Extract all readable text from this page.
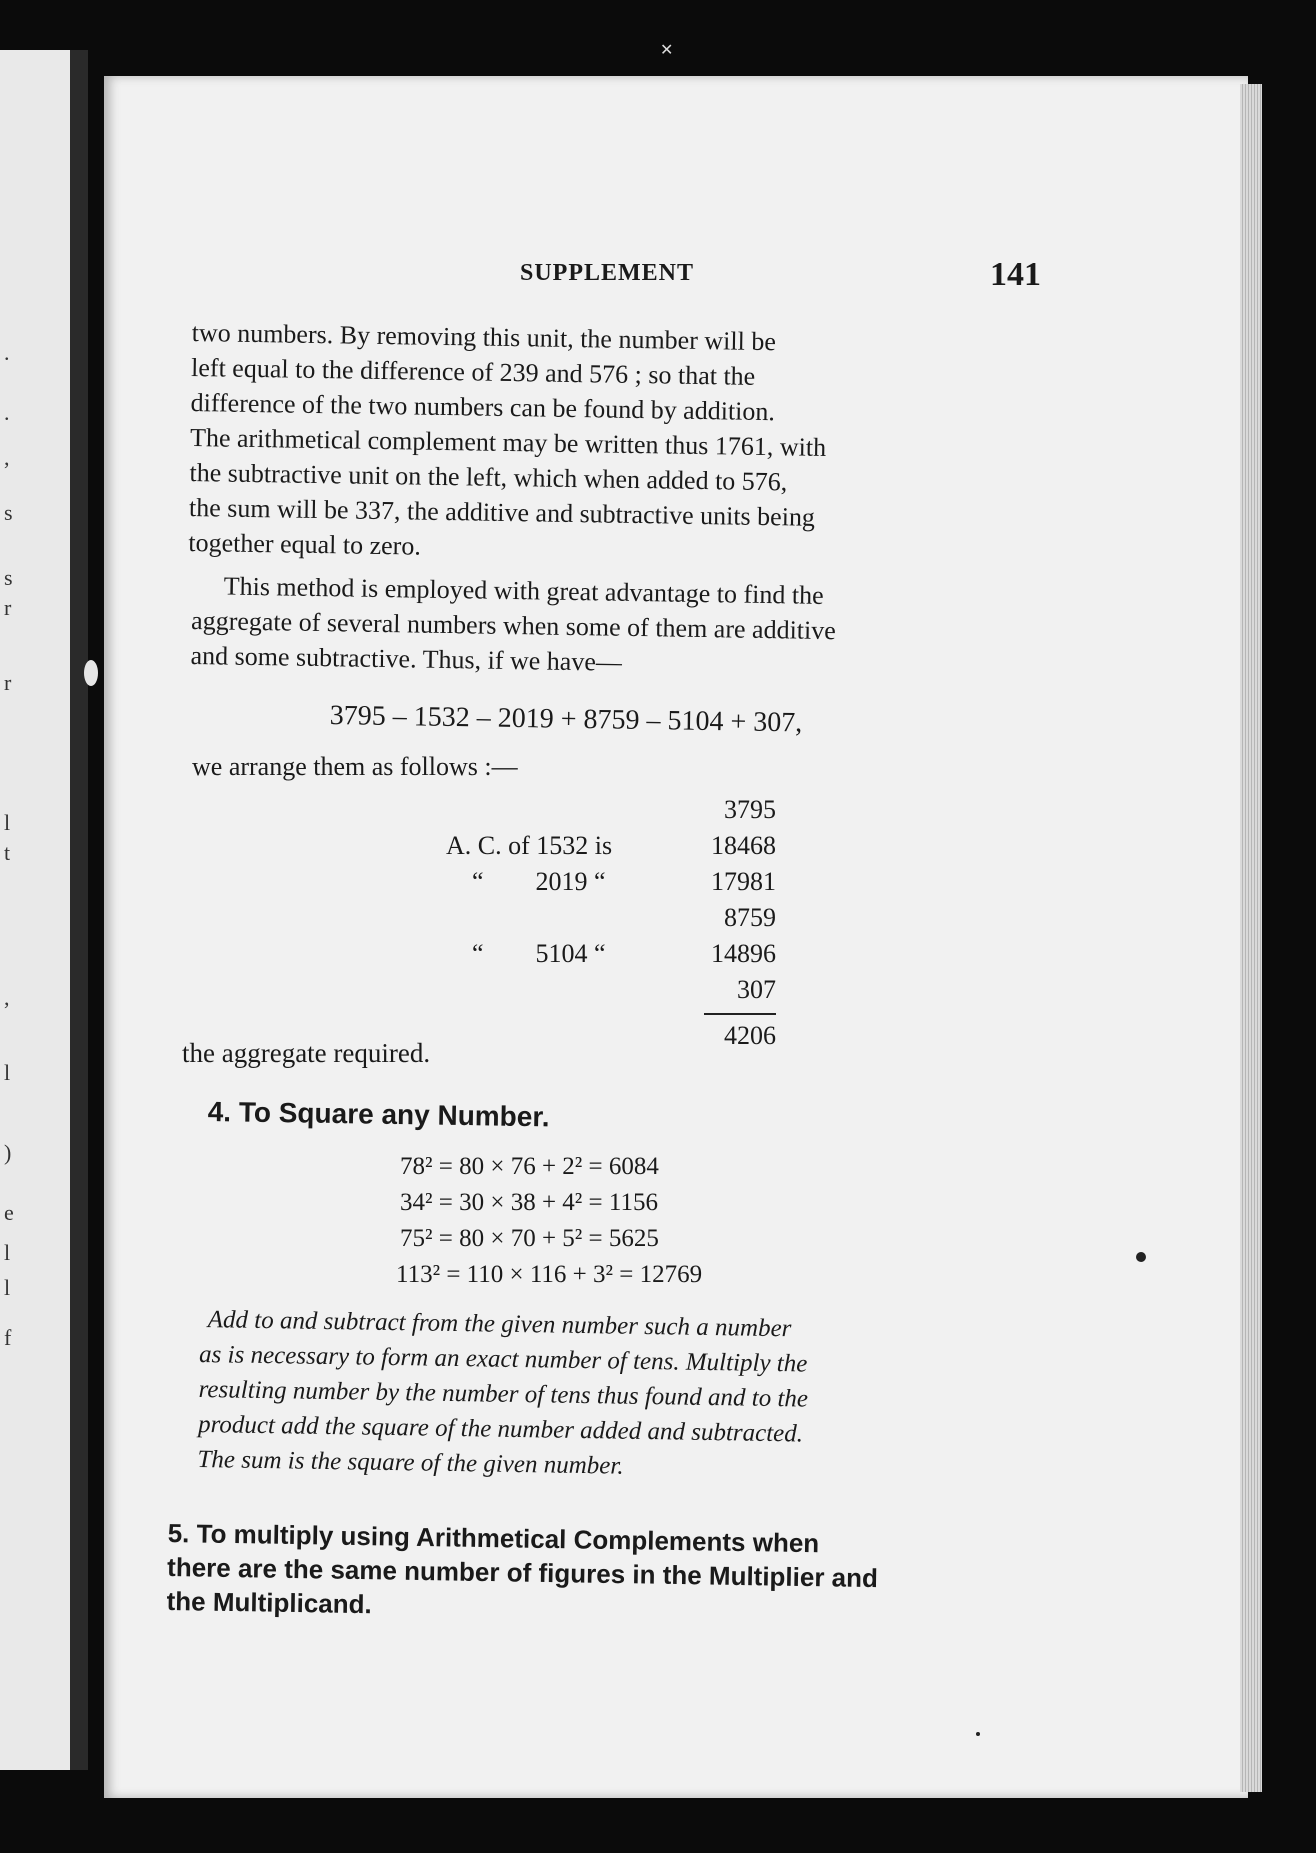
.
.
,
s
s
r
r
l
t
,
l
)
e
l
l
f
✕
SUPPLEMENT	141
two numbers. By removing this unit, the number will be
left equal to the difference of 239 and 576 ; so that the
difference of the two numbers can be found by addition.
The arithmetical complement may be written thus 1761, with
the subtractive unit on the left, which when added to 576,
the sum will be 337, the additive and subtractive units being
together equal to zero.
This method is employed with great advantage to find the
aggregate of several numbers when some of them are additive
and some subtractive. Thus, if we have—
3795 – 1532 – 2019 + 8759 – 5104 + 307,
we arrange them as follows :—
3795
A. C. of 1532 is	18468
“        2019 “	17981
8759
“        5104 “	14896
307
4206
the aggregate required.
4. To Square any Number.
78² = 80 × 76 + 2² = 6084
34² = 30 × 38 + 4² = 1156
75² = 80 × 70 + 5² = 5625
113² = 110 × 116 + 3² = 12769
Add to and subtract from the given number such a number
as is necessary to form an exact number of tens. Multiply the
resulting number by the number of tens thus found and to the
product add the square of the number added and subtracted.
The sum is the square of the given number.
5. To multiply using Arithmetical Complements when
there are the same number of figures in the Multiplier and
the Multiplicand.
